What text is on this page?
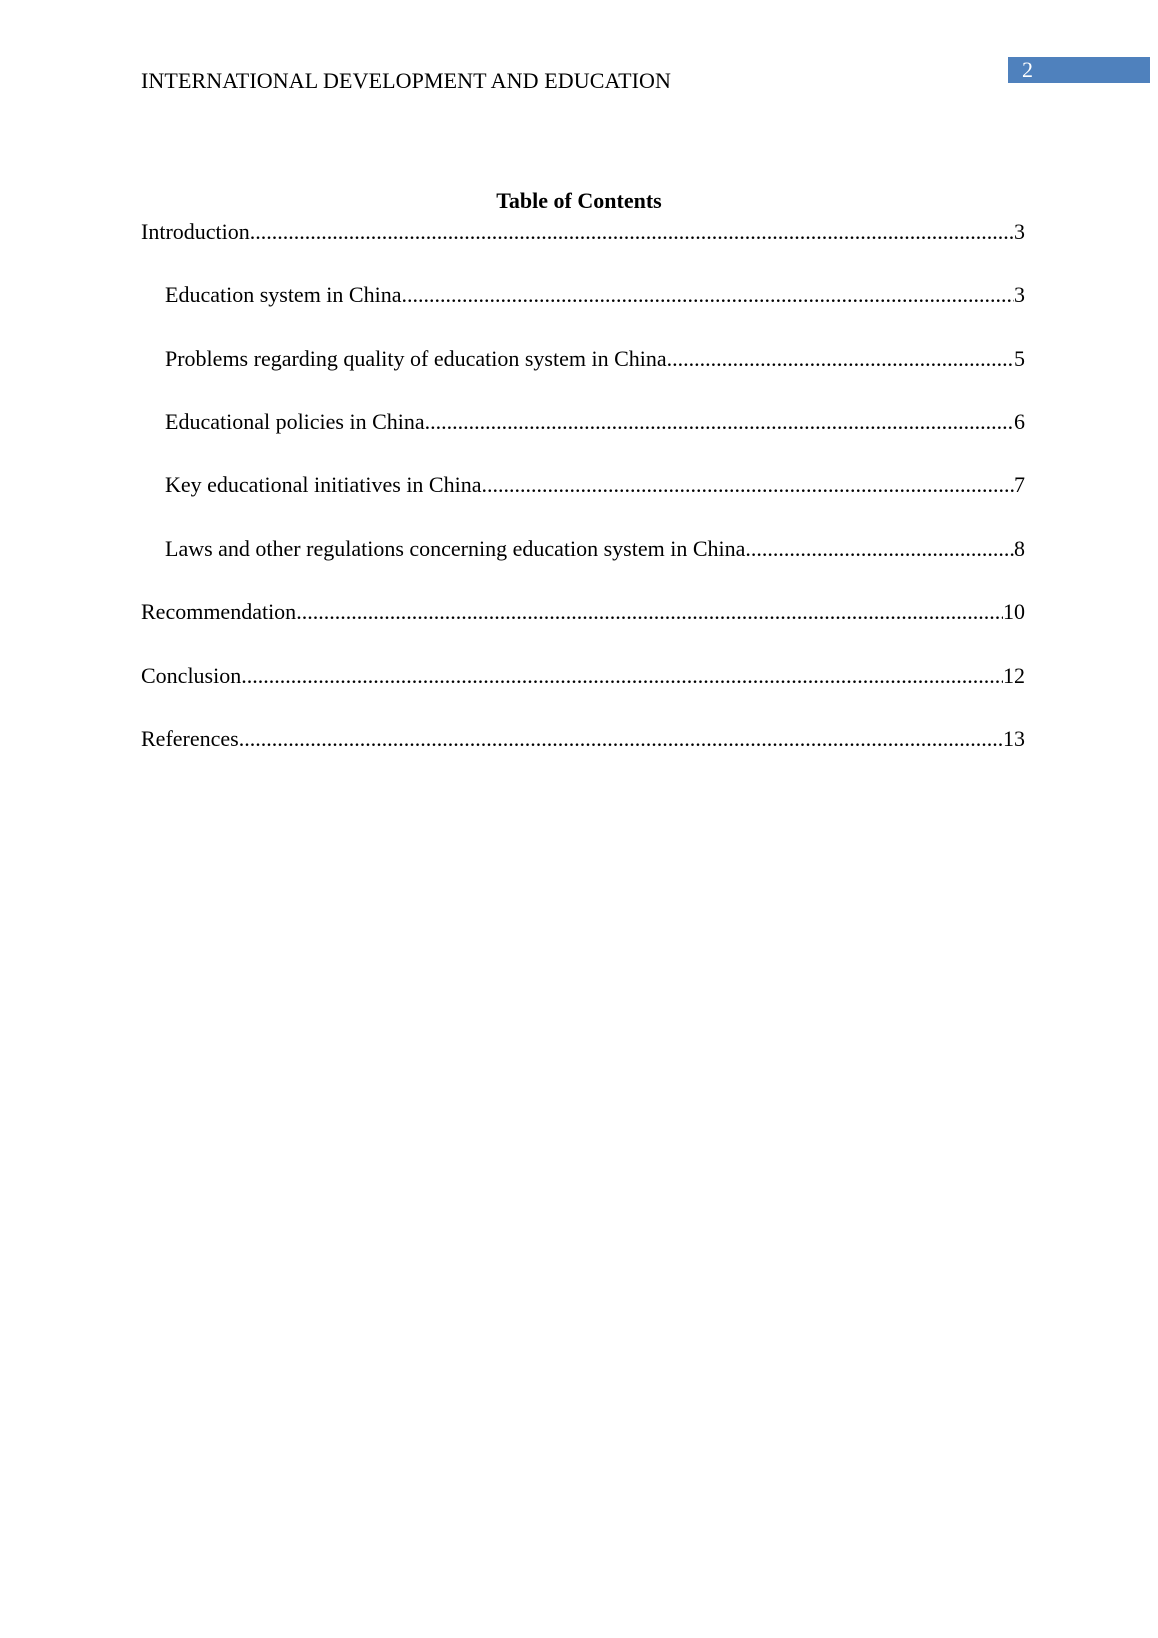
INTERNATIONAL DEVELOPMENT AND EDUCATION	2
Table of Contents
Introduction .....	3
Education system in China .....	3
Problems regarding quality of education system in China .....	5
Educational policies in China .....	6
Key educational initiatives in China .....	7
Laws and other regulations concerning education system in China .....	8
Recommendation .....	10
Conclusion .....	12
References .....	13
